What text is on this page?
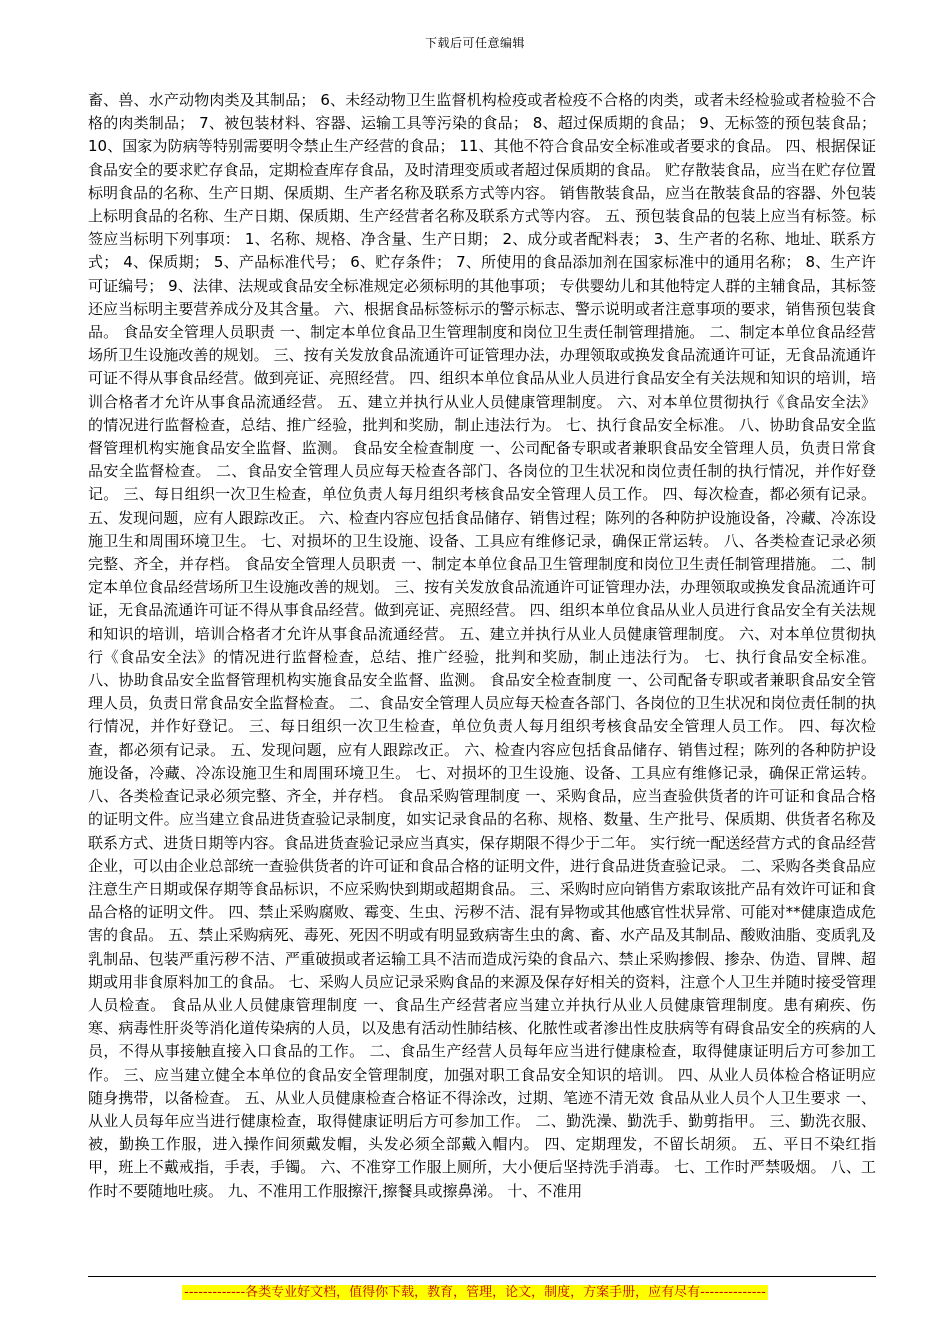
下载后可任意编辑
畜、兽、水产动物肉类及其制品； 6、未经动物卫生监督机构检疫或者检疫不合格的肉类，或者未经检验或者检验不合格的肉类制品； 7、被包装材料、容器、运输工具等污染的食品； 8、超过保质期的食品； 9、无标签的预包装食品； 10、国家为防病等特别需要明令禁止生产经营的食品； 11、其他不符合食品安全标准或者要求的食品。 四、根据保证食品安全的要求贮存食品，定期检查库存食品，及时清理变质或者超过保质期的食品。 贮存散装食品，应当在贮存位置标明食品的名称、生产日期、保质期、生产者名称及联系方式等内容。 销售散装食品，应当在散装食品的容器、外包装上标明食品的名称、生产日期、保质期、生产经营者名称及联系方式等内容。 五、预包装食品的包装上应当有标签。标签应当标明下列事项： 1、名称、规格、净含量、生产日期； 2、成分或者配料表； 3、生产者的名称、地址、联系方式； 4、保质期； 5、产品标准代号； 6、贮存条件； 7、所使用的食品添加剂在国家标准中的通用名称； 8、生产许可证编号； 9、法律、法规或食品安全标准规定必须标明的其他事项； 专供婴幼儿和其他特定人群的主辅食品，其标签还应当标明主要营养成分及其含量。 六、根据食品标签标示的警示标志、警示说明或者注意事项的要求，销售预包装食品。 食品安全管理人员职责 一、制定本单位食品卫生管理制度和岗位卫生责任制管理措施。 二、制定本单位食品经营场所卫生设施改善的规划。 三、按有关发放食品流通许可证管理办法，办理领取或换发食品流通许可证，无食品流通许可证不得从事食品经营。做到亮证、亮照经营。 四、组织本单位食品从业人员进行食品安全有关法规和知识的培训，培训合格者才允许从事食品流通经营。 五、建立并执行从业人员健康管理制度。 六、对本单位贯彻执行《食品安全法》的情况进行监督检查，总结、推广经验，批判和奖励，制止违法行为。 七、执行食品安全标准。 八、协助食品安全监督管理机构实施食品安全监督、监测。 食品安全检查制度 一、公司配备专职或者兼职食品安全管理人员，负责日常食品安全监督检查。 二、食品安全管理人员应每天检查各部门、各岗位的卫生状况和岗位责任制的执行情况，并作好登记。 三、每日组织一次卫生检查，单位负责人每月组织考核食品安全管理人员工作。 四、每次检查，都必须有记录。 五、发现问题，应有人跟踪改正。 六、检查内容应包括食品储存、销售过程；陈列的各种防护设施设备，冷藏、冷冻设施卫生和周围环境卫生。 七、对损坏的卫生设施、设备、工具应有维修记录，确保正常运转。 八、各类检查记录必须完整、齐全，并存档。 食品安全管理人员职责 一、制定本单位食品卫生管理制度和岗位卫生责任制管理措施。 二、制定本单位食品经营场所卫生设施改善的规划。 三、按有关发放食品流通许可证管理办法，办理领取或换发食品流通许可证，无食品流通许可证不得从事食品经营。做到亮证、亮照经营。 四、组织本单位食品从业人员进行食品安全有关法规和知识的培训，培训合格者才允许从事食品流通经营。 五、建立并执行从业人员健康管理制度。 六、对本单位贯彻执行《食品安全法》的情况进行监督检查，总结、推广经验，批判和奖励，制止违法行为。 七、执行食品安全标准。 八、协助食品安全监督管理机构实施食品安全监督、监测。 食品安全检查制度 一、公司配备专职或者兼职食品安全管理人员，负责日常食品安全监督检查。 二、食品安全管理人员应每天检查各部门、各岗位的卫生状况和岗位责任制的执行情况，并作好登记。 三、每日组织一次卫生检查，单位负责人每月组织考核食品安全管理人员工作。 四、每次检查，都必须有记录。 五、发现问题，应有人跟踪改正。 六、检查内容应包括食品储存、销售过程；陈列的各种防护设施设备，冷藏、冷冻设施卫生和周围环境卫生。 七、对损坏的卫生设施、设备、工具应有维修记录，确保正常运转。 八、各类检查记录必须完整、齐全，并存档。 食品采购管理制度 一、采购食品，应当查验供货者的许可证和食品合格的证明文件。应当建立食品进货查验记录制度，如实记录食品的名称、规格、数量、生产批号、保质期、供货者名称及联系方式、进货日期等内容。食品进货查验记录应当真实，保存期限不得少于二年。 实行统一配送经营方式的食品经营企业，可以由企业总部统一查验供货者的许可证和食品合格的证明文件，进行食品进货查验记录。 二、采购各类食品应注意生产日期或保存期等食品标识，不应采购快到期或超期食品。 三、采购时应向销售方索取该批产品有效许可证和食品合格的证明文件。 四、禁止采购腐败、霉变、生虫、污秽不洁、混有异物或其他感官性状异常、可能对**健康造成危害的食品。 五、禁止采购病死、毒死、死因不明或有明显致病寄生虫的禽、畜、水产品及其制品、酸败油脂、变质乳及乳制品、包装严重污秽不洁、严重破损或者运输工具不洁而造成污染的食品六、禁止采购掺假、掺杂、伪造、冒牌、超期或用非食原料加工的食品。 七、采购人员应记录采购食品的来源及保存好相关的资料，注意个人卫生并随时接受管理人员检查。 食品从业人员健康管理制度 一、食品生产经营者应当建立并执行从业人员健康管理制度。患有痢疾、伤寒、病毒性肝炎等消化道传染病的人员，以及患有活动性肺结核、化脓性或者渗出性皮肤病等有碍食品安全的疾病的人员，不得从事接触直接入口食品的工作。 二、食品生产经营人员每年应当进行健康检查，取得健康证明后方可参加工作。 三、应当建立健全本单位的食品安全管理制度，加强对职工食品安全知识的培训。 四、从业人员体检合格证明应随身携带，以备检查。 五、从业人员健康检查合格证不得涂改，过期、笔迹不清无效 食品从业人员个人卫生要求 一、从业人员每年应当进行健康检查，取得健康证明后方可参加工作。 二、勤洗澡、勤洗手、勤剪指甲。 三、勤洗衣服、被，勤换工作服，进入操作间须戴发帽，头发必须全部戴入帽内。 四、定期理发，不留长胡须。 五、平日不染红指甲，班上不戴戒指，手表，手镯。 六、不准穿工作服上厕所，大小便后坚持洗手消毒。 七、工作时严禁吸烟。 八、工作时不要随地吐痰。 九、不准用工作服擦汗,擦餐具或擦鼻涕。 十、不准用
-------------各类专业好文档，值得你下载，教育，管理，论文，制度，方案手册，应有尽有--------------
